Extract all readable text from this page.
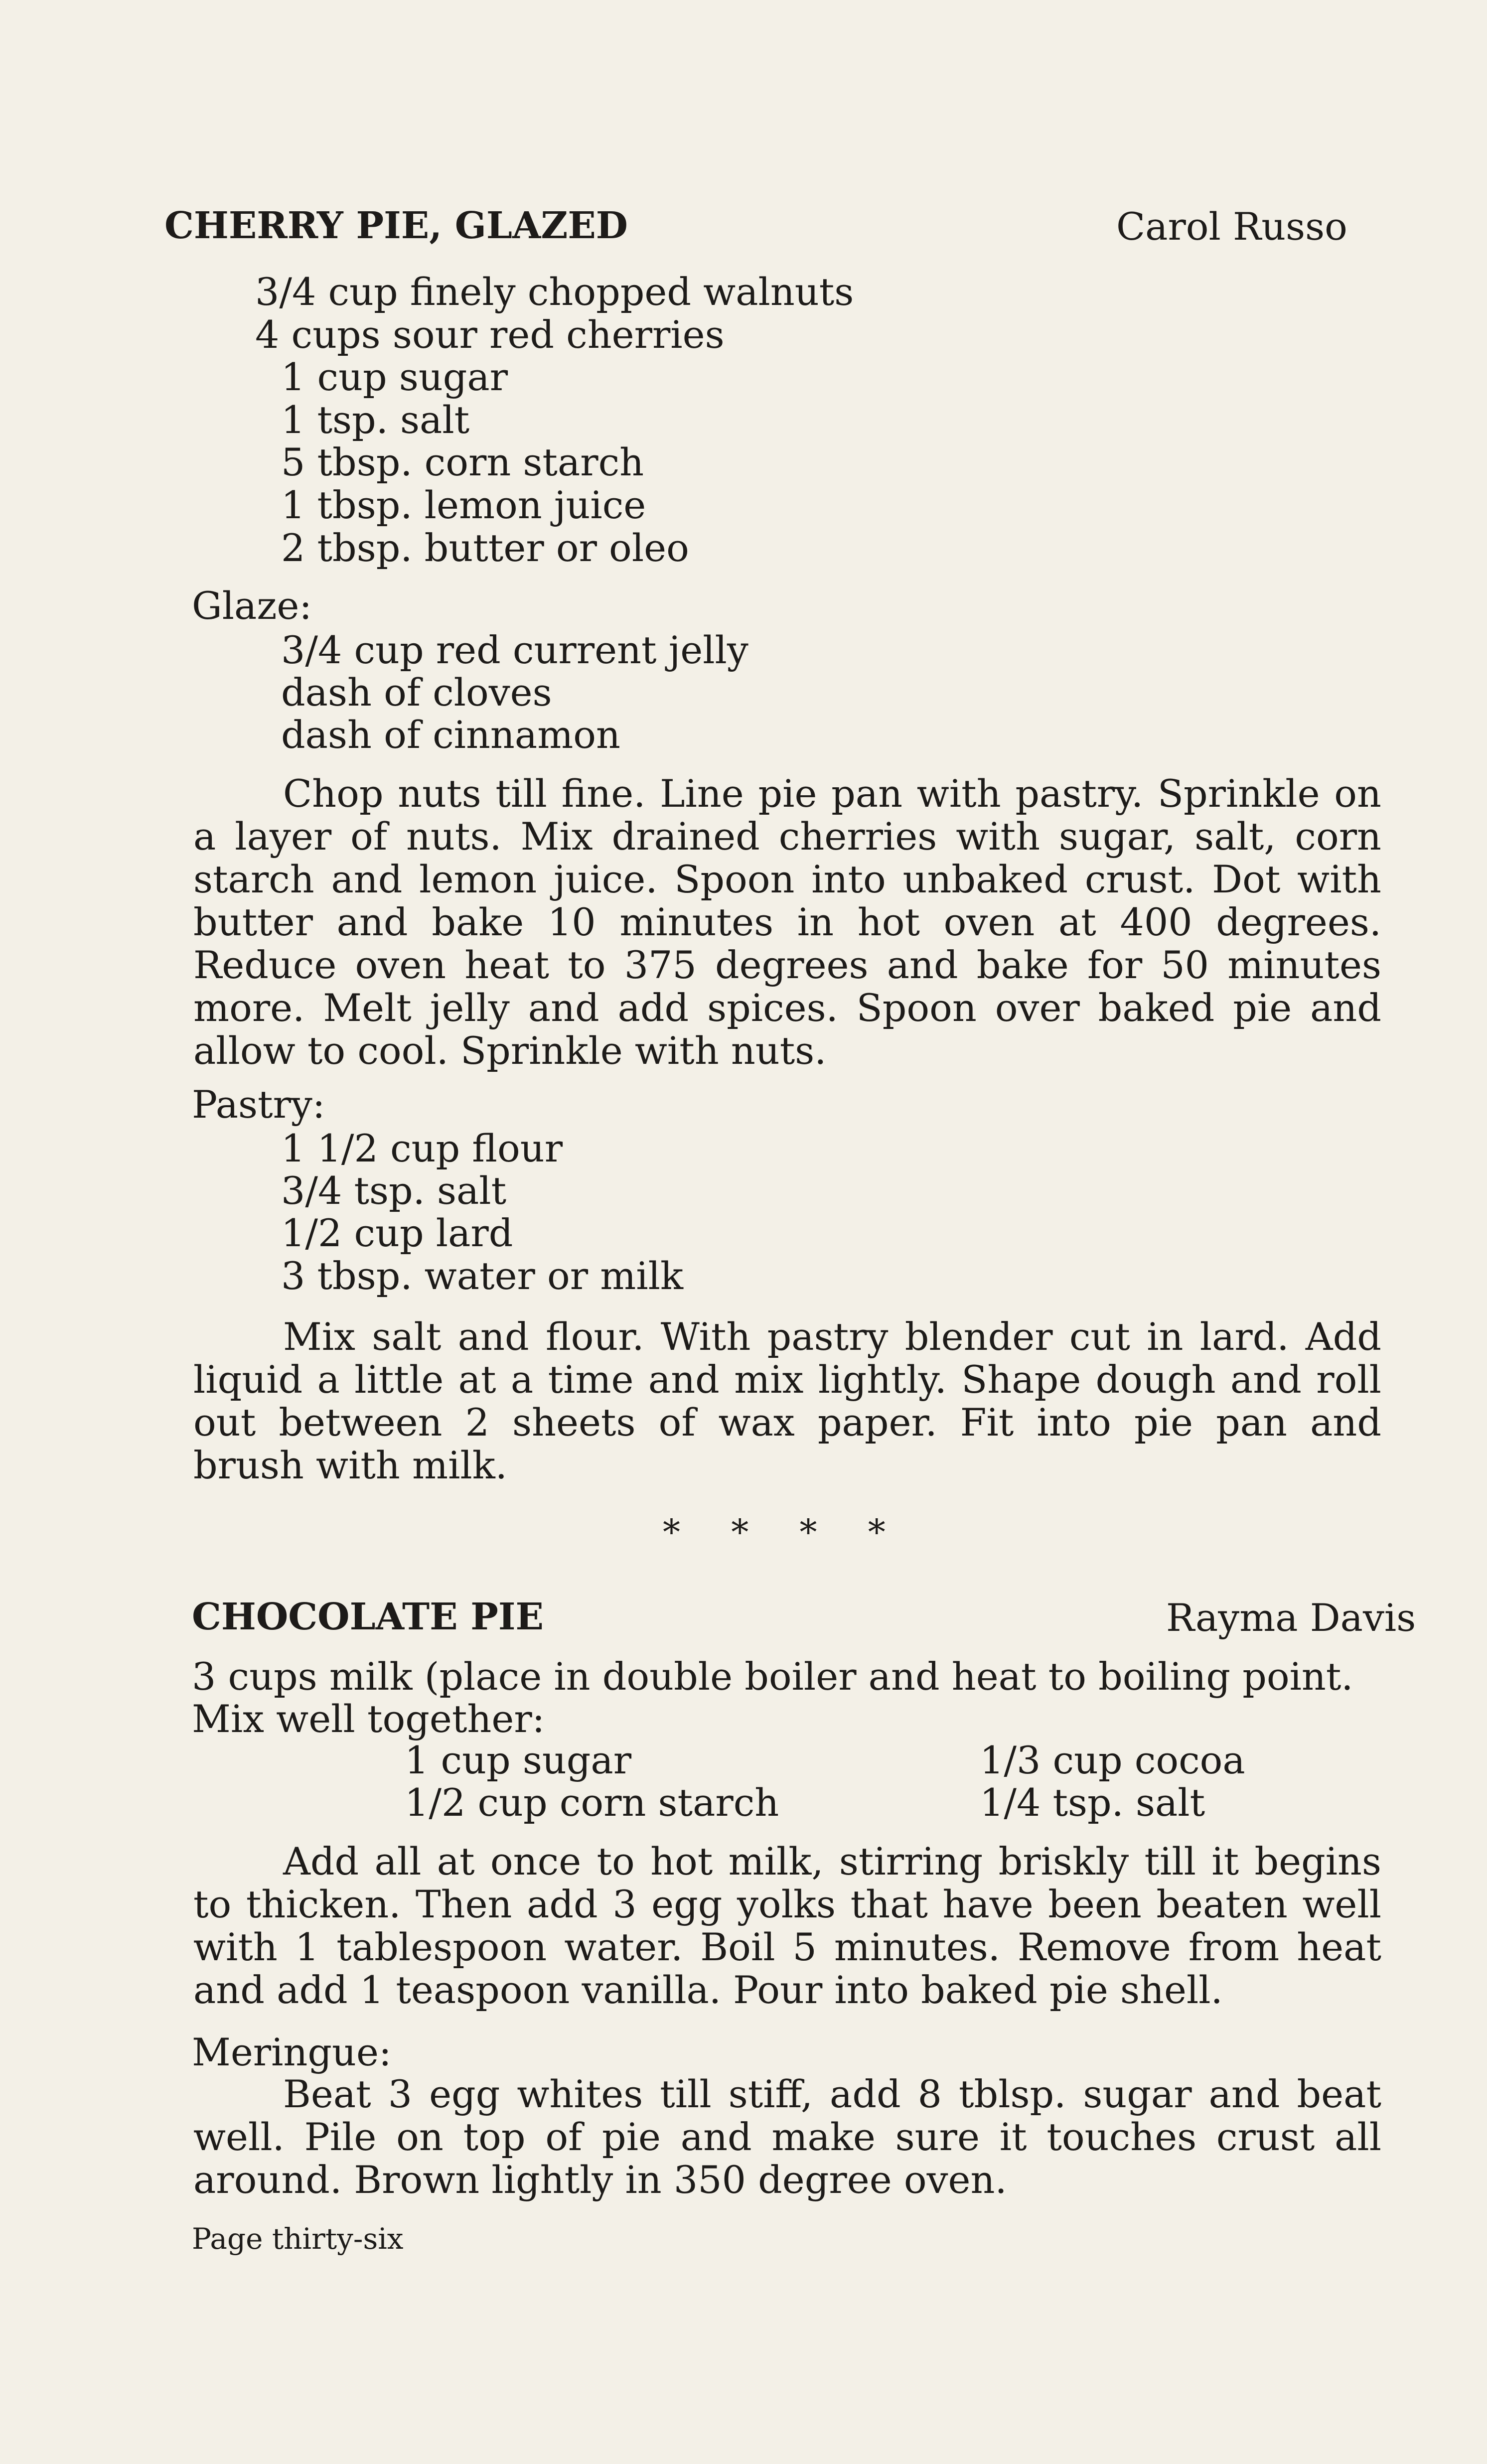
CHERRY PIE, GLAZED	Carol Russo
3/4 cup finely chopped walnuts
4 cups sour red cherries
1 cup sugar
1 tsp. salt
5 tbsp. corn starch
1 tbsp. lemon juice
2 tbsp. butter or oleo
Glaze:
3/4 cup red current jelly
dash of cloves
dash of cinnamon
Chop nuts till fine. Line pie pan with pastry. Sprinkle on a layer of nuts. Mix drained cherries with sugar, salt, corn starch and lemon juice. Spoon into unbaked crust. Dot with butter and bake 10 minutes in hot oven at 400 degrees. Reduce oven heat to 375 degrees and bake for 50 minutes more. Melt jelly and add spices. Spoon over baked pie and allow to cool. Sprinkle with nuts.
Pastry:
1 1/2 cup flour
3/4 tsp. salt
1/2 cup lard
3 tbsp. water or milk
Mix salt and flour. With pastry blender cut in lard. Add liquid a little at a time and mix lightly. Shape dough and roll out between 2 sheets of wax paper. Fit into pie pan and brush with milk.
* * * *
CHOCOLATE PIE	Rayma Davis
3 cups milk (place in double boiler and heat to boiling point.
Mix well together:
1 cup sugar
1/2 cup corn starch
1/3 cup cocoa
1/4 tsp. salt
Add all at once to hot milk, stirring briskly till it begins to thicken. Then add 3 egg yolks that have been beaten well with 1 tablespoon water. Boil 5 minutes. Remove from heat and add 1 teaspoon vanilla. Pour into baked pie shell.
Meringue:
Beat 3 egg whites till stiff, add 8 tblsp. sugar and beat well. Pile on top of pie and make sure it touches crust all around. Brown lightly in 350 degree oven.
Page thirty-six
